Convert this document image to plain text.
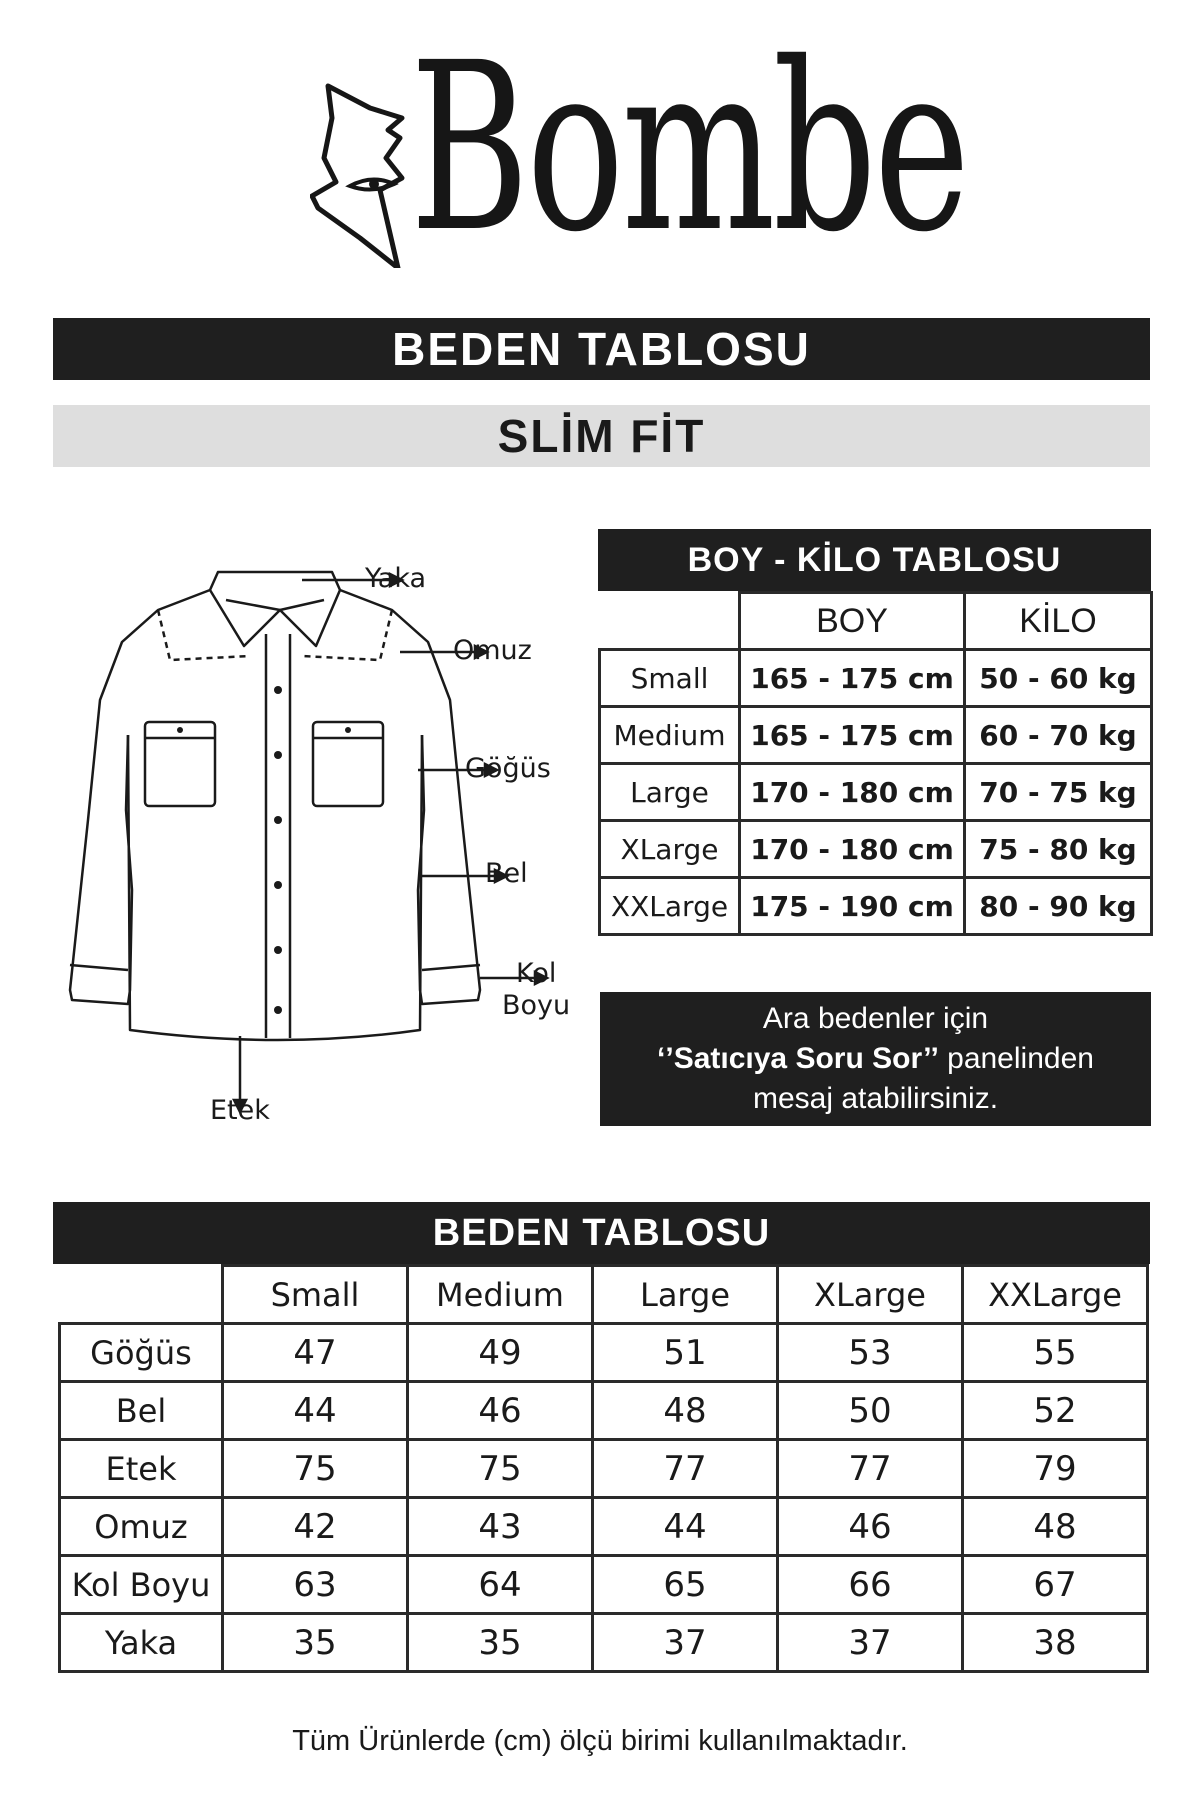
Bombe
BEDEN TABLOSU
SLİM FİT
Yaka
Omuz
Göğüs
Bel
Kol
Boyu
Etek
BOY - KİLO TABLOSU
	BOY	KİLO
Small	165 - 175 cm	50 - 60 kg
Medium	165 - 175 cm	60 - 70 kg
Large	170 - 180 cm	70 - 75 kg
XLarge	170 - 180 cm	75 - 80 kg
XXLarge	175 - 190 cm	80 - 90 kg
Ara bedenler için
‘’Satıcıya Soru Sor’’ panelinden
mesaj atabilirsiniz.
BEDEN TABLOSU
	Small	Medium	Large	XLarge	XXLarge
Göğüs	47	49	51	53	55
Bel	44	46	48	50	52
Etek	75	75	77	77	79
Omuz	42	43	44	46	48
Kol Boyu	63	64	65	66	67
Yaka	35	35	37	37	38
Tüm Ürünlerde (cm) ölçü birimi kullanılmaktadır.
